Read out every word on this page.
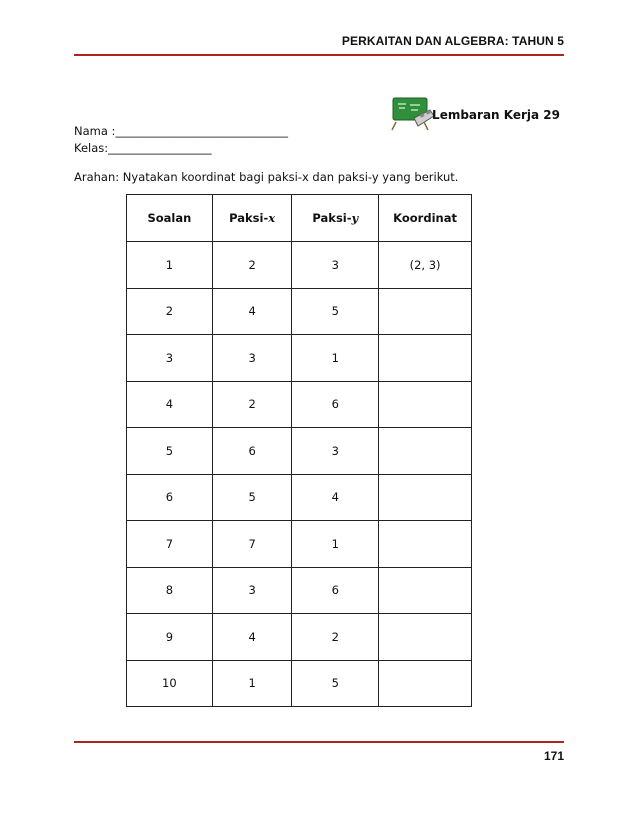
PERKAITAN DAN ALGEBRA: TAHUN 5
Lembaran Kerja 29
Nama :______________________________
Kelas:__________________
Arahan: Nyatakan koordinat bagi paksi-x dan paksi-y yang berikut.
Soalan	Paksi-x	Paksi-y	Koordinat
1	2	3	(2, 3)
2	4	5	
3	3	1	
4	2	6	
5	6	3	
6	5	4	
7	7	1	
8	3	6	
9	4	2	
10	1	5	
171
